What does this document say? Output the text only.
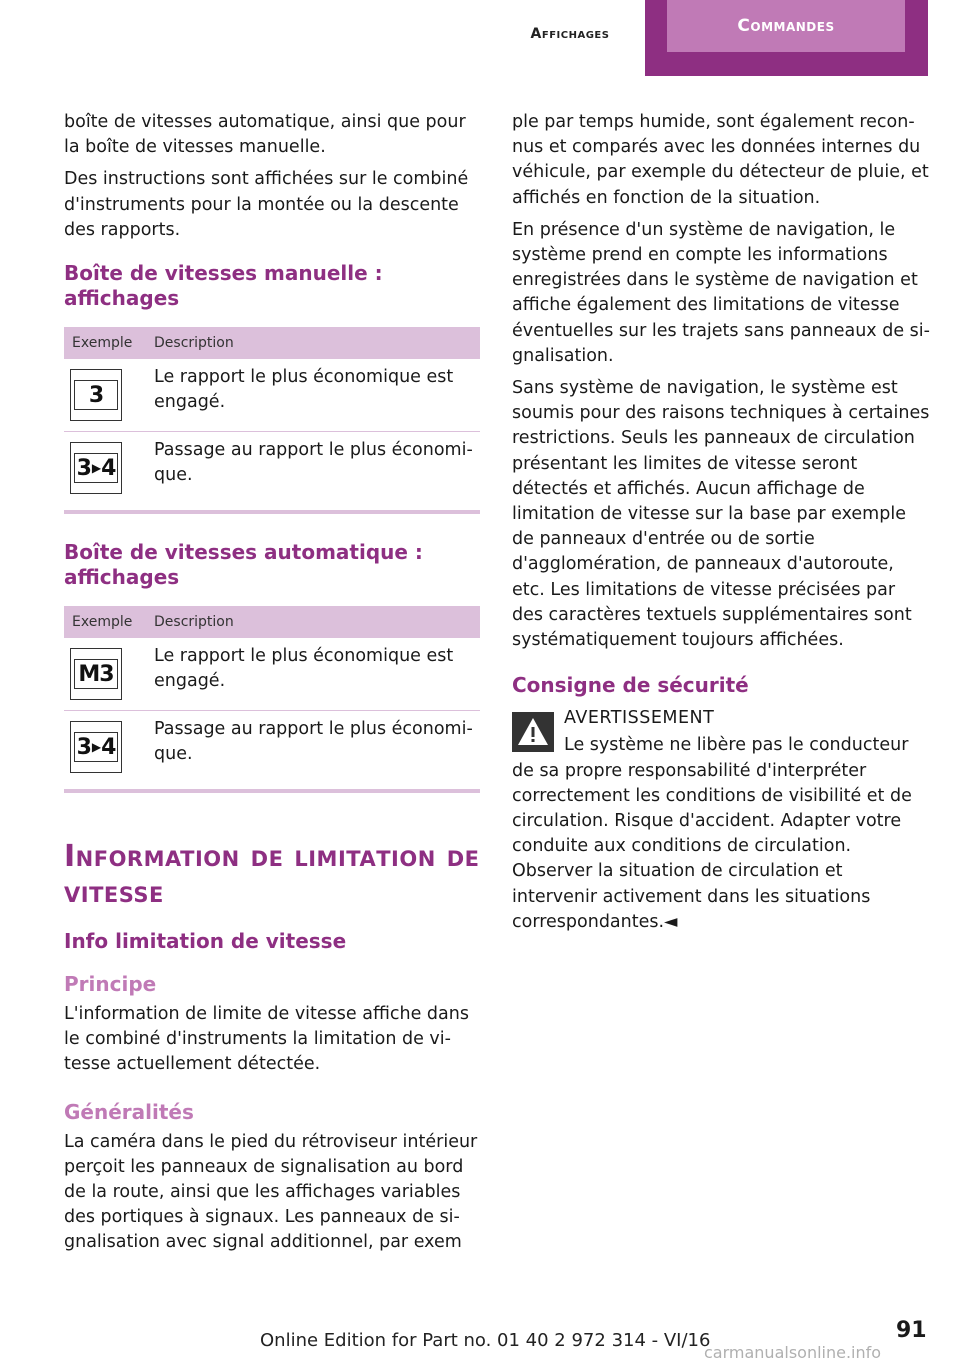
Affichages	Commandes

boîte de vitesses automatique, ainsi que pour la boîte de vitesses manuelle.

Des instructions sont affichées sur le combiné d'instruments pour la montée ou la descente des rapports.

Boîte de vitesses manuelle : affichages
Exemple	Description

3	Le rapport le plus économique est engagé.

3 ▶ 4	Passage au rapport le plus économique.
Boîte de vitesses automatique : affichages
Exemple	Description

M3	Le rapport le plus économique est engagé.

3 ▶ 4	Passage au rapport le plus économique.
Information de limitation de vitesse
Info limitation de vitesse
Principe

L'information de limite de vitesse affiche dans le combiné d'instruments la limitation de vitesse actuellement détectée.

Généralités

La caméra dans le pied du rétroviseur intérieur perçoit les panneaux de signalisation au bord de la route, ainsi que les affichages variables des portiques à signaux. Les panneaux de signalisation avec signal additionnel, par exem

ple par temps humide, sont également reconnus et comparés avec les données internes du véhicule, par exemple du détecteur de pluie, et affichés en fonction de la situation.

En présence d'un système de navigation, le système prend en compte les informations enregistrées dans le système de navigation et affiche également des limitations de vitesse éventuelles sur les trajets sans panneaux de signalisation.

Sans système de navigation, le système est soumis pour des raisons techniques à certaines restrictions. Seuls les panneaux de circulation présentant les limites de vitesse seront détectés et affichés. Aucun affichage de limitation de vitesse sur la base par exemple de panneaux d'entrée ou de sortie d'agglomération, de panneaux d'autoroute, etc. Les limitations de vitesse précisées par des caractères textuels supplémentaires sont systématiquement toujours affichées.

Consigne de sécurité
AVERTISSEMENT

Le système ne libère pas le conducteur de sa propre responsabilité d'interpréter correctement les conditions de visibilité et de circulation. Risque d'accident. Adapter votre conduite aux conditions de circulation. Observer la situation de circulation et intervenir activement dans les situations correspondantes.◄

Online Edition for Part no. 01 40 2 972 314 - VI/16	91
carmanualsonline.info
